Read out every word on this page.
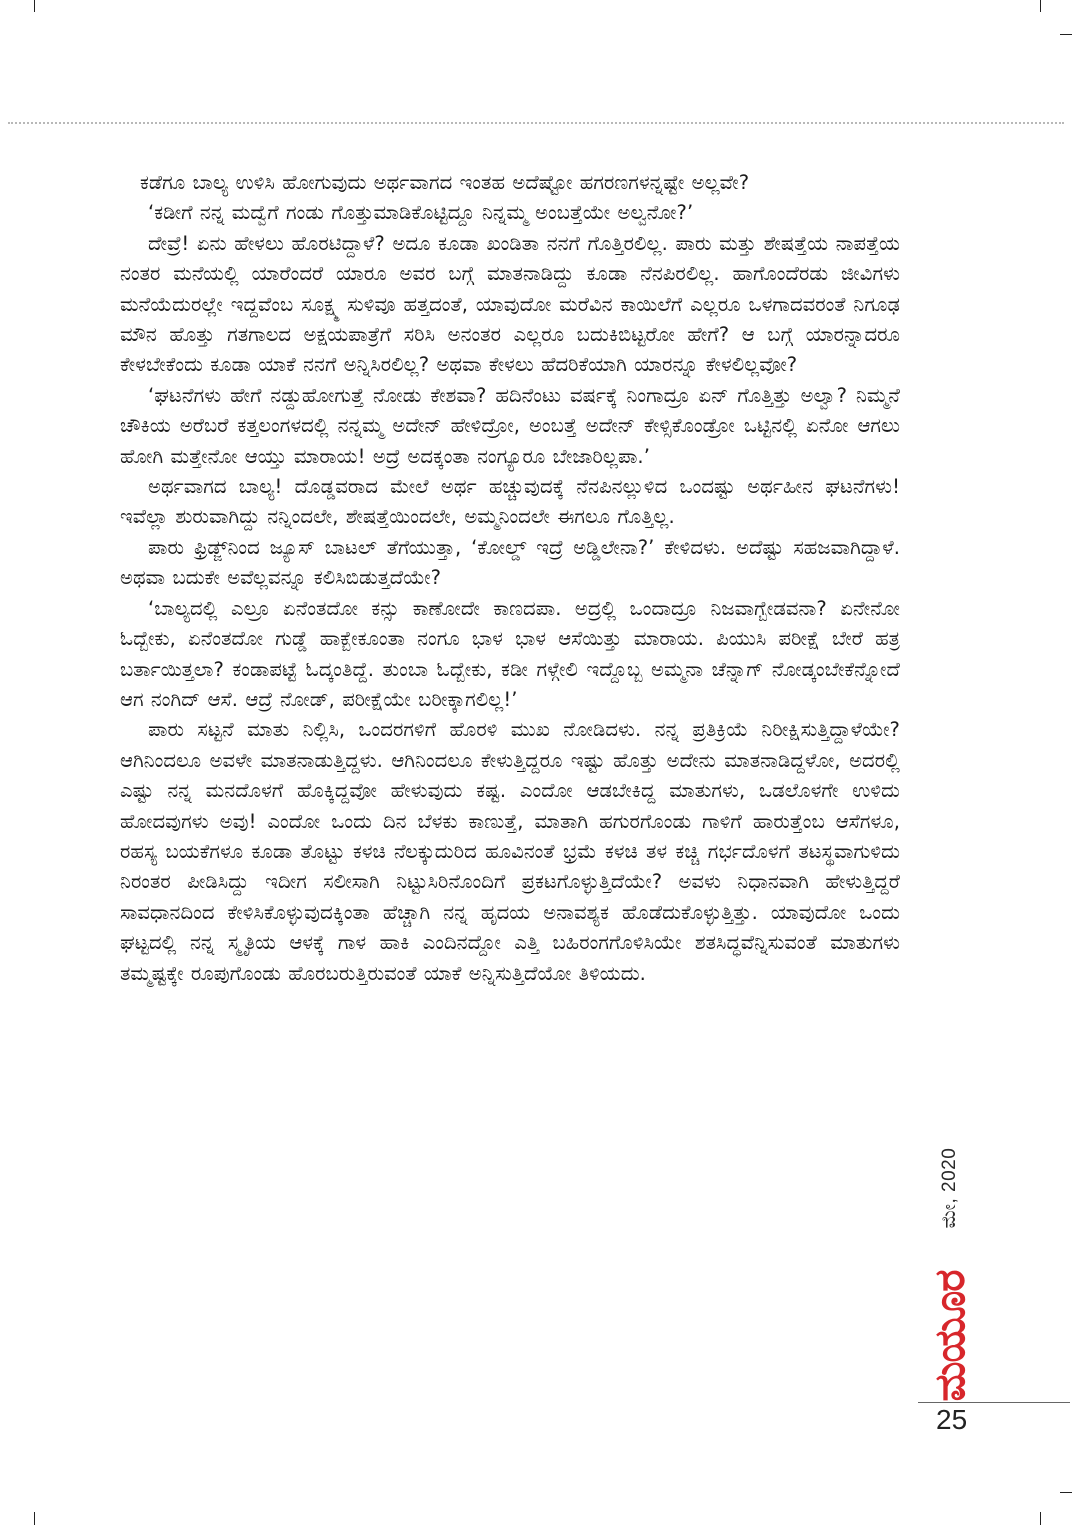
ಕಡೆಗೂ ಬಾಲ್ಯ ಉಳಿಸಿ ಹೋಗುವುದು ಅರ್ಥವಾಗದ ಇಂತಹ ಅದೆಷ್ಟೋ ಹಗರಣಗಳನ್ನಷ್ಟೇ ಅಲ್ಲವೇ?

‘ಕಡೀಗೆ ನನ್ನ ಮದ್ವೆಗೆ ಗಂಡು ಗೊತ್ತುಮಾಡಿಕೊಟ್ಟಿದ್ದೂ ನಿನ್ನಮ್ಮ ಅಂಬತ್ತೆಯೇ ಅಲ್ವನೋ?’

ದೇವ್ರೆ! ಏನು ಹೇಳಲು ಹೊರಟಿದ್ದಾಳೆ? ಅದೂ ಕೂಡಾ ಖಂಡಿತಾ ನನಗೆ ಗೊತ್ತಿರಲಿಲ್ಲ. ಪಾರು ಮತ್ತು ಶೇಷತ್ತೆಯ ನಾಪತ್ತೆಯ ನಂತರ ಮನೆಯಲ್ಲಿ ಯಾರೆಂದರೆ ಯಾರೂ ಅವರ ಬಗ್ಗೆ ಮಾತನಾಡಿದ್ದು ಕೂಡಾ ನೆನಪಿರಲಿಲ್ಲ. ಹಾಗೊಂದೆರಡು ಜೀವಿಗಳು ಮನೆಯೆದುರಲ್ಲೇ ಇದ್ದವೆಂಬ ಸೂಕ್ಷ್ಮ ಸುಳಿವೂ ಹತ್ತದಂತೆ, ಯಾವುದೋ ಮರೆವಿನ ಕಾಯಿಲೆಗೆ ಎಲ್ಲರೂ ಒಳಗಾದವರಂತೆ ನಿಗೂಢ ಮೌನ ಹೊತ್ತು ಗತಗಾಲದ ಅಕ್ಷಯಪಾತ್ರೆಗೆ ಸರಿಸಿ ಅನಂತರ ಎಲ್ಲರೂ ಬದುಕಿಬಿಟ್ಟರೋ ಹೇಗೆ? ಆ ಬಗ್ಗೆ ಯಾರನ್ನಾದರೂ ಕೇಳಬೇಕೆಂದು ಕೂಡಾ ಯಾಕೆ ನನಗೆ ಅನ್ನಿಸಿರಲಿಲ್ಲ? ಅಥವಾ ಕೇಳಲು ಹೆದರಿಕೆಯಾಗಿ ಯಾರನ್ನೂ ಕೇಳಲಿಲ್ಲವೋ?

‘ಘಟನೆಗಳು ಹೇಗೆ ನಡ್ದುಹೋಗುತ್ತೆ ನೋಡು ಕೇಶವಾ? ಹದಿನೆಂಟು ವರ್ಷಕ್ಕೆ ನಿಂಗಾದ್ರೂ ಏನ್ ಗೊತ್ತಿತ್ತು ಅಲ್ವಾ? ನಿಮ್ಮನೆ ಚೌಕಿಯ ಅರೆಬರೆ ಕತ್ತಲಂಗಳದಲ್ಲಿ ನನ್ನಮ್ಮ ಅದೇನ್ ಹೇಳಿದ್ರೋ, ಅಂಬತ್ತೆ ಅದೇನ್ ಕೇಳ್ಸಿಕೊಂಡ್ರೋ ಒಟ್ಟಿನಲ್ಲಿ ಏನೋ ಆಗಲು ಹೋಗಿ ಮತ್ತೇನೋ ಆಯ್ತು ಮಾರಾಯ! ಅದ್ರೆ ಅದಕ್ಕಂತಾ ನಂಗ್ಯೂರೂ ಬೇಜಾರಿಲ್ಲಪಾ.’

ಅರ್ಥವಾಗದ ಬಾಲ್ಯ! ದೊಡ್ಡವರಾದ ಮೇಲೆ ಅರ್ಥ ಹಚ್ಚುವುದಕ್ಕೆ ನೆನಪಿನಲ್ಲುಳಿದ ಒಂದಷ್ಟು ಅರ್ಥಹೀನ ಘಟನೆಗಳು! ಇವೆಲ್ಲಾ ಶುರುವಾಗಿದ್ದು ನನ್ನಿಂದಲೇ, ಶೇಷತ್ತೆಯಿಂದಲೇ, ಅಮ್ಮನಿಂದಲೇ ಈಗಲೂ ಗೊತ್ತಿಲ್ಲ.

ಪಾರು ಫ್ರಿಡ್ಜ್‌ನಿಂದ ಜ್ಯೂಸ್ ಬಾಟಲ್ ತೆಗೆಯುತ್ತಾ, ‘ಕೋಲ್ಡ್ ಇದ್ರೆ ಅಡ್ಡಿಲೇನಾ?’ ಕೇಳಿದಳು. ಅದೆಷ್ಟು ಸಹಜವಾಗಿದ್ದಾಳೆ. ಅಥವಾ ಬದುಕೇ ಅವೆಲ್ಲವನ್ನೂ ಕಲಿಸಿಬಿಡುತ್ತದೆಯೇ?

‘ಬಾಲ್ಯದಲ್ಲಿ ಎಲ್ರೂ ಏನೆಂತದೋ ಕನ್ಸು ಕಾಣೋದೇ ಕಾಣದಪಾ. ಅದ್ರಲ್ಲಿ ಒಂದಾದ್ರೂ ನಿಜವಾಗ್ಬೇಡವನಾ? ಏನೇನೋ ಓದ್ಬೇಕು, ಏನೆಂತದೋ ಗುಡ್ಡೆ ಹಾಕ್ಬೇಕೂಂತಾ ನಂಗೂ ಭಾಳ ಭಾಳ ಆಸೆಯಿತ್ತು ಮಾರಾಯ. ಪಿಯುಸಿ ಪರೀಕ್ಷೆ ಬೇರೆ ಹತ್ರ ಬರ್ತಾಯಿತ್ತಲಾ? ಕಂಡಾಪಟ್ಟೆ ಓದ್ಕಂತಿದ್ದೆ. ತುಂಬಾ ಓದ್ಬೇಕು, ಕಡೀ ಗಳ್ಗೇಲಿ ಇದ್ದೊಬ್ಬ ಅಮ್ಮನಾ ಚೆನ್ನಾಗ್ ನೋಡ್ಕಂಬೇಕೆನ್ನೋದೆ ಆಗ ನಂಗಿದ್ ಆಸೆ. ಆದ್ರೆ ನೋಡ್, ಪರೀಕ್ಷೆಯೇ ಬರೀಕ್ಕಾಗಲಿಲ್ಲ!’

ಪಾರು ಸಟ್ಟನೆ ಮಾತು ನಿಲ್ಲಿಸಿ, ಒಂದರಗಳಿಗೆ ಹೊರಳಿ ಮುಖ ನೋಡಿದಳು. ನನ್ನ ಪ್ರತಿಕ್ರಿಯೆ ನಿರೀಕ್ಷಿಸುತ್ತಿದ್ದಾಳೆಯೇ? ಆಗಿನಿಂದಲೂ ಅವಳೇ ಮಾತನಾಡುತ್ತಿದ್ದಳು. ಆಗಿನಿಂದಲೂ ಕೇಳುತ್ತಿದ್ದರೂ ಇಷ್ಟು ಹೊತ್ತು ಅದೇನು ಮಾತನಾಡಿದ್ದಳೋ, ಅದರಲ್ಲಿ ಎಷ್ಟು ನನ್ನ ಮನದೊಳಗೆ ಹೊಕ್ಕಿದ್ದವೋ ಹೇಳುವುದು ಕಷ್ಟ. ಎಂದೋ ಆಡಬೇಕಿದ್ದ ಮಾತುಗಳು, ಒಡಲೊಳಗೇ ಉಳಿದು ಹೋದವುಗಳು ಅವು! ಎಂದೋ ಒಂದು ದಿನ ಬೆಳಕು ಕಾಣುತ್ತೆ, ಮಾತಾಗಿ ಹಗುರಗೊಂಡು ಗಾಳಿಗೆ ಹಾರುತ್ತೆಂಬ ಆಸೆಗಳೂ, ರಹಸ್ಯ ಬಯಕೆಗಳೂ ಕೂಡಾ ತೊಟ್ಟು ಕಳಚಿ ನೆಲಕ್ಕುದುರಿದ ಹೂವಿನಂತೆ ಭ್ರಮೆ ಕಳಚಿ ತಳ ಕಚ್ಚಿ ಗರ್ಭದೊಳಗೆ ತಟಸ್ಥವಾಗುಳಿದು ನಿರಂತರ ಪೀಡಿಸಿದ್ದು ಇದೀಗ ಸಲೀಸಾಗಿ ನಿಟ್ಟುಸಿರಿನೊಂದಿಗೆ ಪ್ರಕಟಗೊಳ್ಳುತ್ತಿದೆಯೇ? ಅವಳು ನಿಧಾನವಾಗಿ ಹೇಳುತ್ತಿದ್ದರೆ ಸಾವಧಾನದಿಂದ ಕೇಳಿಸಿಕೊಳ್ಳುವುದಕ್ಕಿಂತಾ ಹೆಚ್ಚಾಗಿ ನನ್ನ ಹೃದಯ ಅನಾವಶ್ಯಕ ಹೊಡೆದುಕೊಳ್ಳುತ್ತಿತ್ತು. ಯಾವುದೋ ಒಂದು ಘಟ್ಟದಲ್ಲಿ ನನ್ನ ಸ್ಮೃತಿಯ ಆಳಕ್ಕೆ ಗಾಳ ಹಾಕಿ ಎಂದಿನದ್ದೋ ಎತ್ತಿ ಬಹಿರಂಗಗೊಳಿಸಿಯೇ ಶತಸಿದ್ಧವೆನ್ನಿಸುವಂತೆ ಮಾತುಗಳು ತಮ್ಮಷ್ಟಕ್ಕೇ ರೂಪುಗೊಂಡು ಹೊರಬರುತ್ತಿರುವಂತೆ ಯಾಕೆ ಅನ್ನಿಸುತ್ತಿದೆಯೋ ತಿಳಿಯದು.

ಮೇ, 2020
ಮಯೂರ
25
